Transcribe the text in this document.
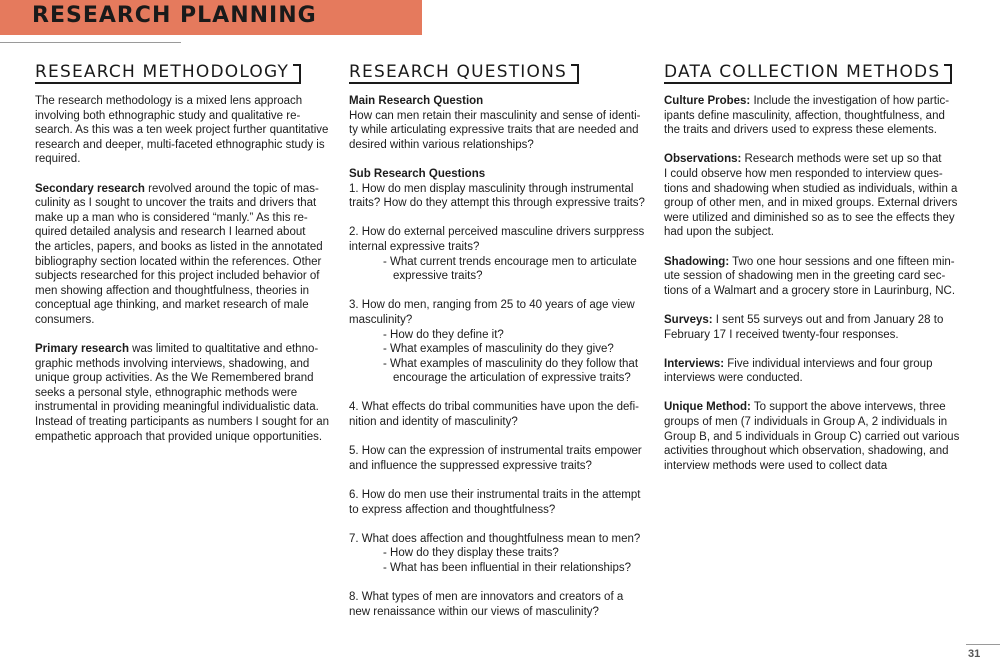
RESEARCH PLANNING
RESEARCH METHODOLOGY

The research methodology is a mixed lens approach
involving both ethnographic study and qualitative re-
search. As this was a ten week project further quantitative
research and deeper, multi-faceted ethnographic study is
required.

Secondary research revolved around the topic of mas-
culinity as I sought to uncover the traits and drivers that
make up a man who is considered “manly.” As this re-
quired detailed analysis and research I learned about
the articles, papers, and books as listed in the annotated
bibliography section located within the references. Other
subjects researched for this project included behavior of
men showing affection and thoughtfulness, theories in
conceptual age thinking, and market research of male
consumers.

Primary research was limited to qualtitative and ethno-
graphic methods involving interviews, shadowing, and
unique group activities. As the We Remembered brand
seeks a personal style, ethnographic methods were
instrumental in providing meaningful individualistic data.
Instead of treating participants as numbers I sought for an
empathetic approach that provided unique opportunities.

RESEARCH QUESTIONS

Main Research Question
How can men retain their masculinity and sense of identi-
ty while articulating expressive traits that are needed and
desired within various relationships?

Sub Research Questions
1. How do men display masculinity through instrumental
traits? How do they attempt this through expressive traits?

2. How do external perceived masculine drivers surppress
internal expressive traits?
- What current trends encourage men to articulate
expressive traits?

3. How do men, ranging from 25 to 40 years of age view
masculinity?
- How do they define it?
- What examples of masculinity do they give?
- What examples of masculinity do they follow that
encourage the articulation of expressive traits?

4. What effects do tribal communities have upon the defi-
nition and identity of masculinity?

5. How can the expression of instrumental traits empower
and influence the suppressed expressive traits?

6. How do men use their instrumental traits in the attempt
to express affection and thoughtfulness?

7. What does affection and thoughtfulness mean to men?
- How do they display these traits?
- What has been influential in their relationships?

8. What types of men are innovators and creators of a
new renaissance within our views of masculinity?

DATA COLLECTION METHODS

Culture Probes: Include the investigation of how partic-
ipants define masculinity, affection, thoughtfulness, and
the traits and drivers used to express these elements.

Observations: Research methods were set up so that
I could observe how men responded to interview ques-
tions and shadowing when studied as individuals, within a
group of other men, and in mixed groups. External drivers
were utilized and diminished so as to see the effects they
had upon the subject.

Shadowing: Two one hour sessions and one fifteen min-
ute session of shadowing men in the greeting card sec-
tions of a Walmart and a grocery store in Laurinburg, NC.

Surveys: I sent 55 surveys out and from January 28 to
February 17 I received twenty-four responses.

Interviews: Five individual interviews and four group
interviews were conducted.

Unique Method: To support the above intervews, three
groups of men (7 individuals in Group A, 2 individuals in
Group B, and 5 individuals in Group C) carried out various
activities throughout which observation, shadowing, and
interview methods were used to collect data

31
